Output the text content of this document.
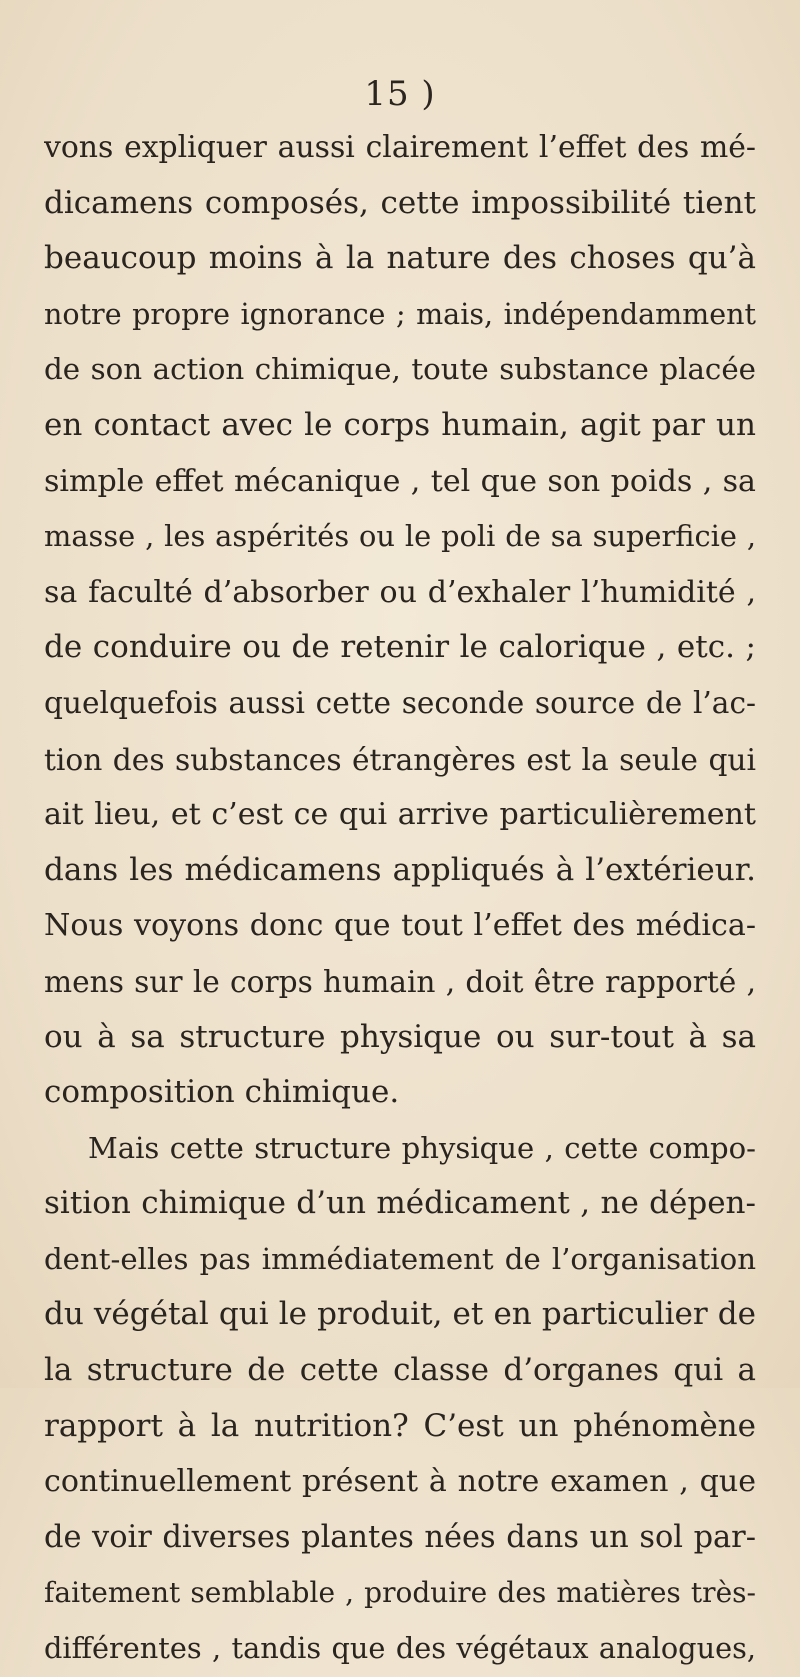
15 )
vons expliquer aussi clairement l’effet des mé-
dicamens composés, cette impossibilité tient
beaucoup moins à la nature des choses qu’à
notre propre ignorance ; mais, indépendamment
de son action chimique, toute substance placée
en contact avec le corps humain, agit par un
simple effet mécanique , tel que son poids , sa
masse , les aspérités ou le poli de sa superficie ,
sa faculté d’absorber ou d’exhaler l’humidité ,
de conduire ou de retenir le calorique , etc. ;
quelquefois aussi cette seconde source de l’ac-
tion des substances étrangères est la seule qui
ait lieu, et c’est ce qui arrive particulièrement
dans les médicamens appliqués à l’extérieur.
Nous voyons donc que tout l’effet des médica-
mens sur le corps humain , doit être rapporté ,
ou à sa structure physique ou sur-tout à sa
composition chimique.
Mais cette structure physique , cette compo-
sition chimique d’un médicament , ne dépen-
dent-elles pas immédiatement de l’organisation
du végétal qui le produit, et en particulier de
la structure de cette classe d’organes qui a
rapport à la nutrition? C’est un phénomène
continuellement présent à notre examen , que
de voir diverses plantes nées dans un sol par-
faitement semblable , produire des matières très-
différentes , tandis que des végétaux analogues,
